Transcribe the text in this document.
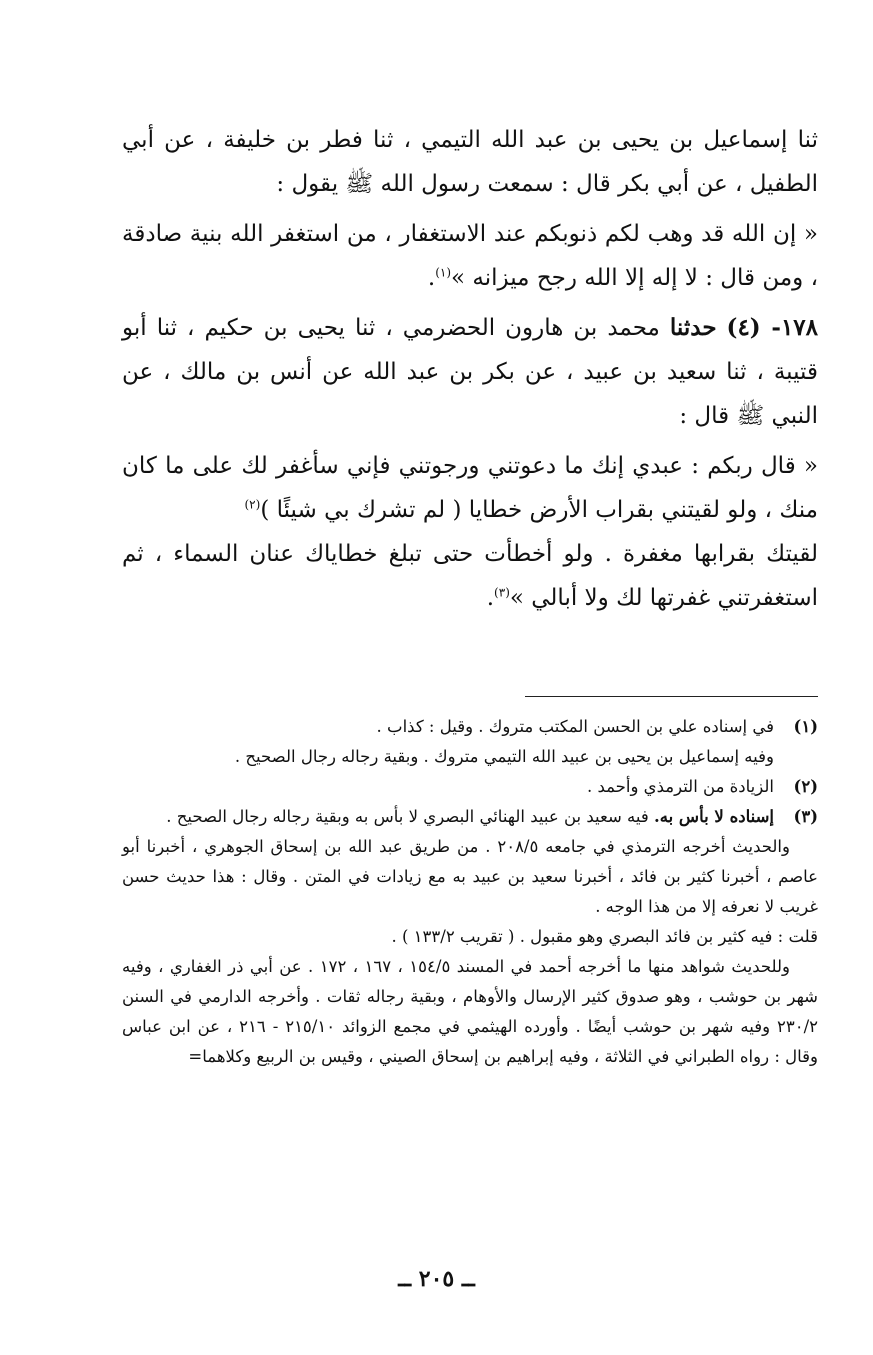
ثنا إسماعيل بن يحيى بن عبد الله التيمي ، ثنا فطر بن خليفة ، عن أبي الطفيل ، عن أبي بكر قال : سمعت رسول الله ﷺ يقول :

« إن الله قد وهب لكم ذنوبكم عند الاستغفار ، من استغفر الله بنية صادقة ، ومن قال : لا إله إلا الله رجح ميزانه »$^{(١)}$.

١٧٨- (٤) حدثنا محمد بن هارون الحضرمي ، ثنا يحيى بن حكيم ، ثنا أبو قتيبة ، ثنا سعيد بن عبيد ، عن بكر بن عبد الله عن أنس بن مالك ، عن النبي ﷺ قال :

« قال ربكم : عبدي إنك ما دعوتني ورجوتني فإني سأغفر لك على ما كان منك ، ولو لقيتني بقراب الأرض خطايا ( لم تشرك بي شيئًا )$^{(٢)}$

لقيتك بقرابها مغفرة . ولو أخطأت حتى تبلغ خطاياك عنان السماء ، ثم استغفرتني غفرتها لك ولا أبالي »$^{(٣)}$.

(١)
في إسناده علي بن الحسن المكتب متروك . وقيل : كذاب .

وفيه إسماعيل بن يحيى بن عبيد الله التيمي متروك . وبقية رجاله رجال الصحيح .

(٢)
الزيادة من الترمذي وأحمد .
(٣)
إسناده لا بأس به. فيه سعيد بن عبيد الهنائي البصري لا بأس به وبقية رجاله رجال الصحيح .

والحديث أخرجه الترمذي في جامعه ٢٠٨/٥ . من طريق عبد الله بن إسحاق الجوهري ، أخبرنا أبو عاصم ، أخبرنا كثير بن فائد ، أخبرنا سعيد بن عبيد به مع زيادات في المتن . وقال : هذا حديث حسن غريب لا نعرفه إلا من هذا الوجه .

قلت : فيه كثير بن فائد البصري وهو مقبول . ( تقريب ١٣٣/٢ ) .

وللحديث شواهد منها ما أخرجه أحمد في المسند ١٥٤/٥ ، ١٦٧ ، ١٧٢ . عن أبي ذر الغفاري ، وفيه شهر بن حوشب ، وهو صدوق كثير الإرسال والأوهام ، وبقية رجاله ثقات . وأخرجه الدارمي في السنن ٢٣٠/٢ وفيه شهر بن حوشب أيضًا . وأورده الهيثمي في مجمع الزوائد ٢١٥/١٠ - ٢١٦ ، عن ابن عباس وقال : رواه الطبراني في الثلاثة ، وفيه إبراهيم بن إسحاق الصيني ، وقيس بن الربيع وكلاهما=

ــ ٢٠٥ ــ
